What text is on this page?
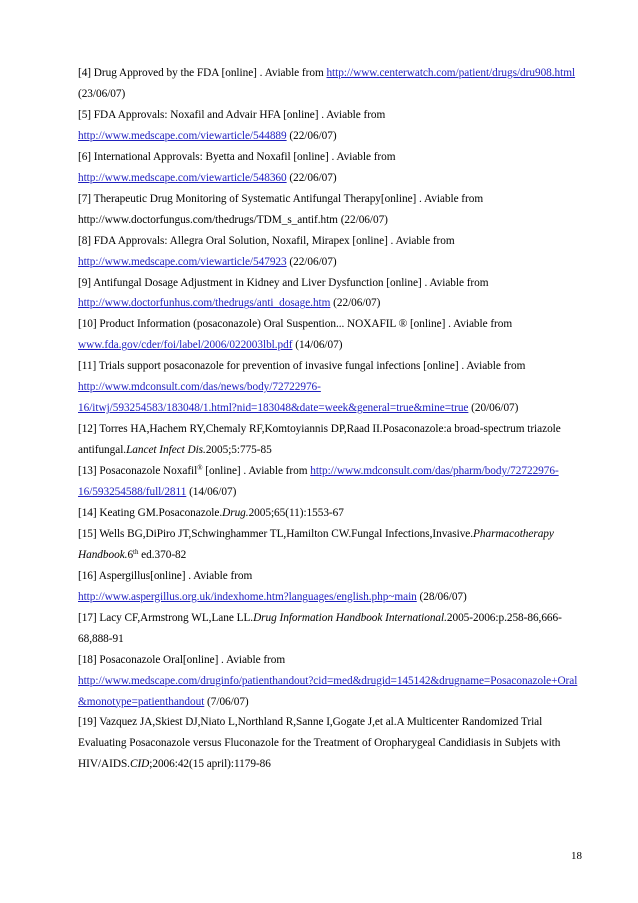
[4] Drug Approved by the FDA [online] . Aviable from http://www.centerwatch.com/patient/drugs/dru908.html
(23/06/07)
[5] FDA Approvals: Noxafil and Advair HFA [online] . Aviable from
http://www.medscape.com/viewarticle/544889 (22/06/07)
[6] International Approvals: Byetta and Noxafil [online] . Aviable from
http://www.medscape.com/viewarticle/548360 (22/06/07)
[7] Therapeutic Drug Monitoring of Systematic Antifungal Therapy[online] . Aviable from
http://www.doctorfungus.com/thedrugs/TDM_s_antif.htm (22/06/07)
[8] FDA Approvals: Allegra Oral Solution, Noxafil, Mirapex [online] . Aviable from
http://www.medscape.com/viewarticle/547923 (22/06/07)
[9] Antifungal Dosage Adjustment in Kidney and Liver Dysfunction [online] . Aviable from
http://www.doctorfunhus.com/thedrugs/anti_dosage.htm (22/06/07)
[10] Product Information (posaconazole) Oral Suspention... NOXAFIL ® [online] . Aviable from
www.fda.gov/cder/foi/label/2006/022003lbl.pdf (14/06/07)
[11] Trials support posaconazole for prevention of invasive fungal infections [online] . Aviable from
http://www.mdconsult.com/das/news/body/72722976-
16/itwj/593254583/183048/1.html?nid=183048&date=week&general=true&mine=true (20/06/07)
[12] Torres HA,Hachem RY,Chemaly RF,Komtoyiannis DP,Raad II.Posaconazole:a broad-spectrum triazole
antifungal.Lancet Infect Dis.2005;5:775-85
[13] Posaconazole Noxafil® [online] . Aviable from http://www.mdconsult.com/das/pharm/body/72722976-
16/593254588/full/2811 (14/06/07)
[14] Keating GM.Posaconazole.Drug.2005;65(11):1553-67
[15] Wells BG,DiPiro JT,Schwinghammer TL,Hamilton CW.Fungal Infections,Invasive.Pharmacotherapy
Handbook.6th ed.370-82
[16] Aspergillus[online] . Aviable from
http://www.aspergillus.org.uk/indexhome.htm?languages/english.php~main (28/06/07)
[17] Lacy CF,Armstrong WL,Lane LL.Drug Information Handbook International.2005-2006:p.258-86,666-
68,888-91
[18] Posaconazole Oral[online] . Aviable from
http://www.medscape.com/druginfo/patienthandout?cid=med&drugid=145142&drugname=Posaconazole+Oral
&monotype=patienthandout (7/06/07)
[19] Vazquez JA,Skiest DJ,Niato L,Northland R,Sanne I,Gogate J,et al.A Multicenter Randomized Trial
Evaluating Posaconazole versus Fluconazole for the Treatment of Oropharygeal Candidiasis in Subjets with
HIV/AIDS.CID;2006:42(15 april):1179-86
18
